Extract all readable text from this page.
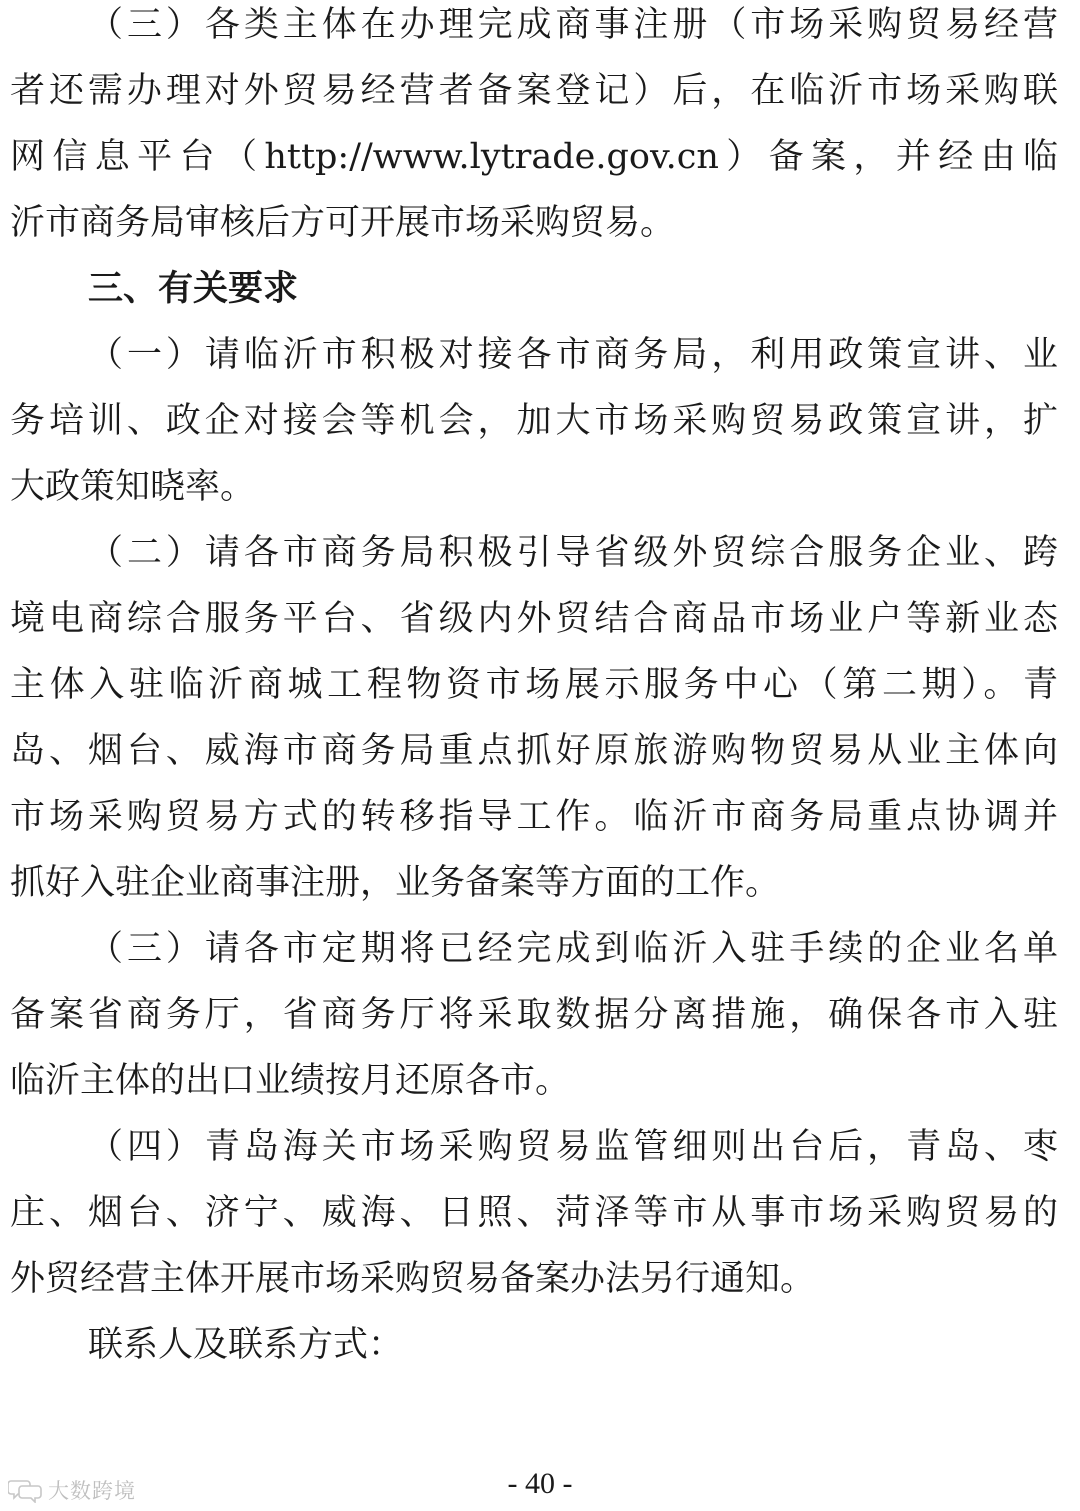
（三）各类主体在办理完成商事注册（市场采购贸易经营
者还需办理对外贸易经营者备案登记）后，在临沂市场采购联
网信息平台（http://www.lytrade.gov.cn）备案，并经由临
沂市商务局审核后方可开展市场采购贸易。
三、有关要求
（一）请临沂市积极对接各市商务局，利用政策宣讲、业
务培训、政企对接会等机会，加大市场采购贸易政策宣讲，扩
大政策知晓率。
（二）请各市商务局积极引导省级外贸综合服务企业、跨
境电商综合服务平台、省级内外贸结合商品市场业户等新业态
主体入驻临沂商城工程物资市场展示服务中心（第二期）。青
岛、烟台、威海市商务局重点抓好原旅游购物贸易从业主体向
市场采购贸易方式的转移指导工作。临沂市商务局重点协调并
抓好入驻企业商事注册，业务备案等方面的工作。
（三）请各市定期将已经完成到临沂入驻手续的企业名单
备案省商务厅，省商务厅将采取数据分离措施，确保各市入驻
临沂主体的出口业绩按月还原各市。
（四）青岛海关市场采购贸易监管细则出台后，青岛、枣
庄、烟台、济宁、威海、日照、菏泽等市从事市场采购贸易的
外贸经营主体开展市场采购贸易备案办法另行通知。
联系人及联系方式：
- 40 -
大数跨境
